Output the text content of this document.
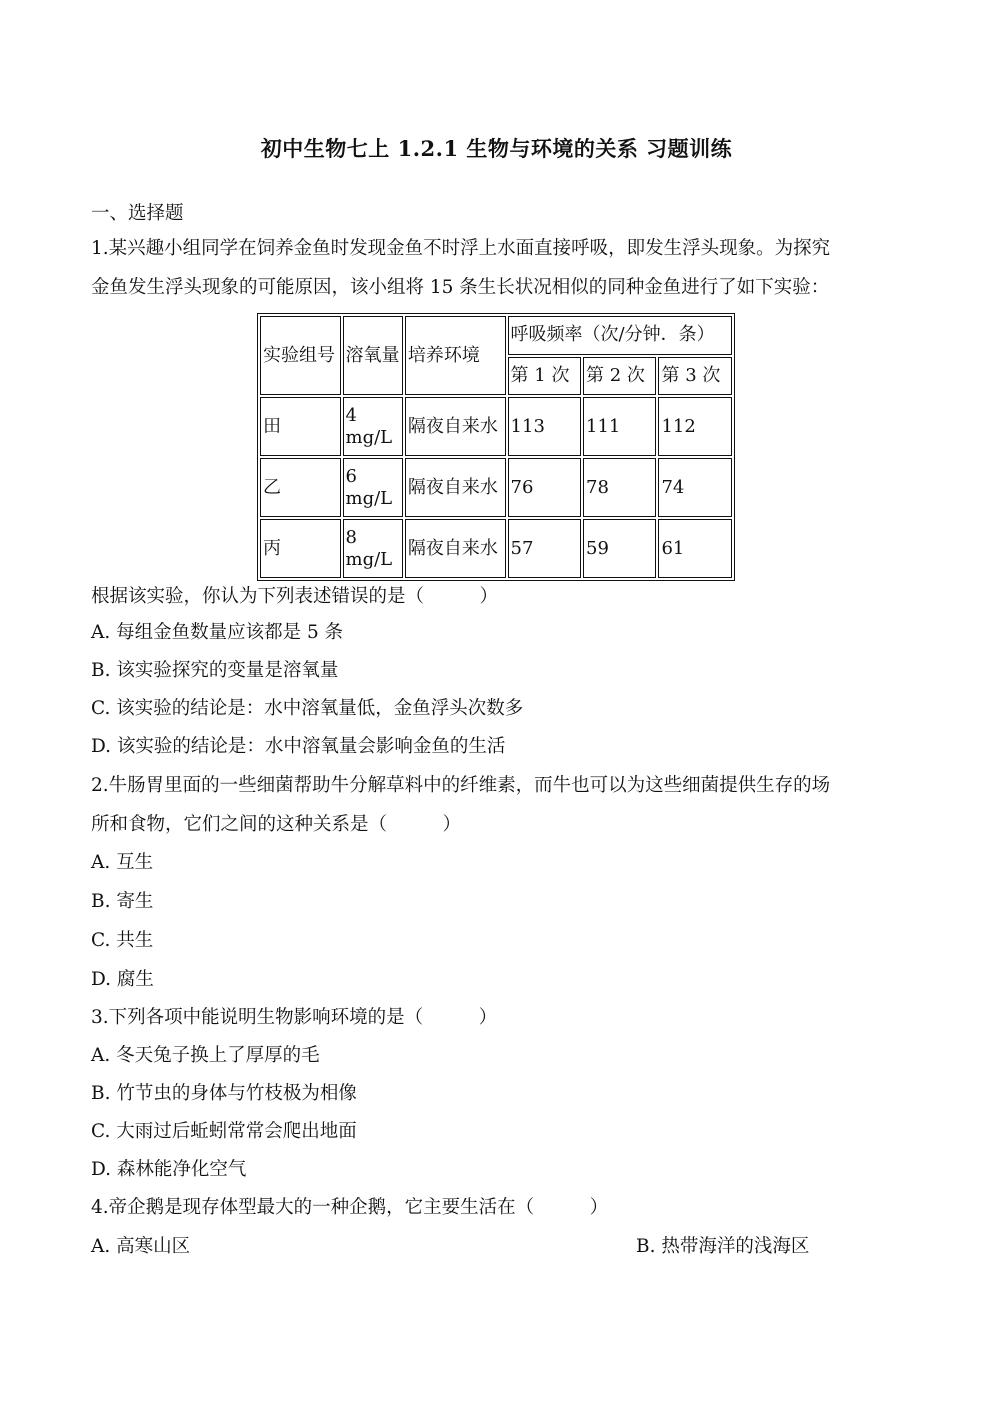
初中生物七上 1.2.1 生物与环境的关系 习题训练
一、选择题
1.某兴趣小组同学在饲养金鱼时发现金鱼不时浮上水面直接呼吸，即发生浮头现象。为探究
金鱼发生浮头现象的可能原因，该小组将 15 条生长状况相似的同种金鱼进行了如下实验：
实验组号	溶氧量	培养环境	呼吸频率（次/分钟．条）		
			第 1 次	第 2 次	第 3 次
田	4 mg/L	隔夜自来水	113	111	112
乙	6 mg/L	隔夜自来水	76	78	74
丙	8 mg/L	隔夜自来水	57	59	61
根据该实验，你认为下列表述错误的是（　　　）
A. 每组金鱼数量应该都是 5 条
B. 该实验探究的变量是溶氧量
C. 该实验的结论是：水中溶氧量低，金鱼浮头次数多
D. 该实验的结论是：水中溶氧量会影响金鱼的生活
2.牛肠胃里面的一些细菌帮助牛分解草料中的纤维素，而牛也可以为这些细菌提供生存的场
所和食物，它们之间的这种关系是（　　　）
A. 互生
B. 寄生
C. 共生
D. 腐生
3.下列各项中能说明生物影响环境的是（　　　）
A. 冬天兔子换上了厚厚的毛
B. 竹节虫的身体与竹枝极为相像
C. 大雨过后蚯蚓常常会爬出地面
D. 森林能净化空气
4.帝企鹅是现存体型最大的一种企鹅，它主要生活在（　　　）
A. 高寒山区	B. 热带海洋的浅海区
